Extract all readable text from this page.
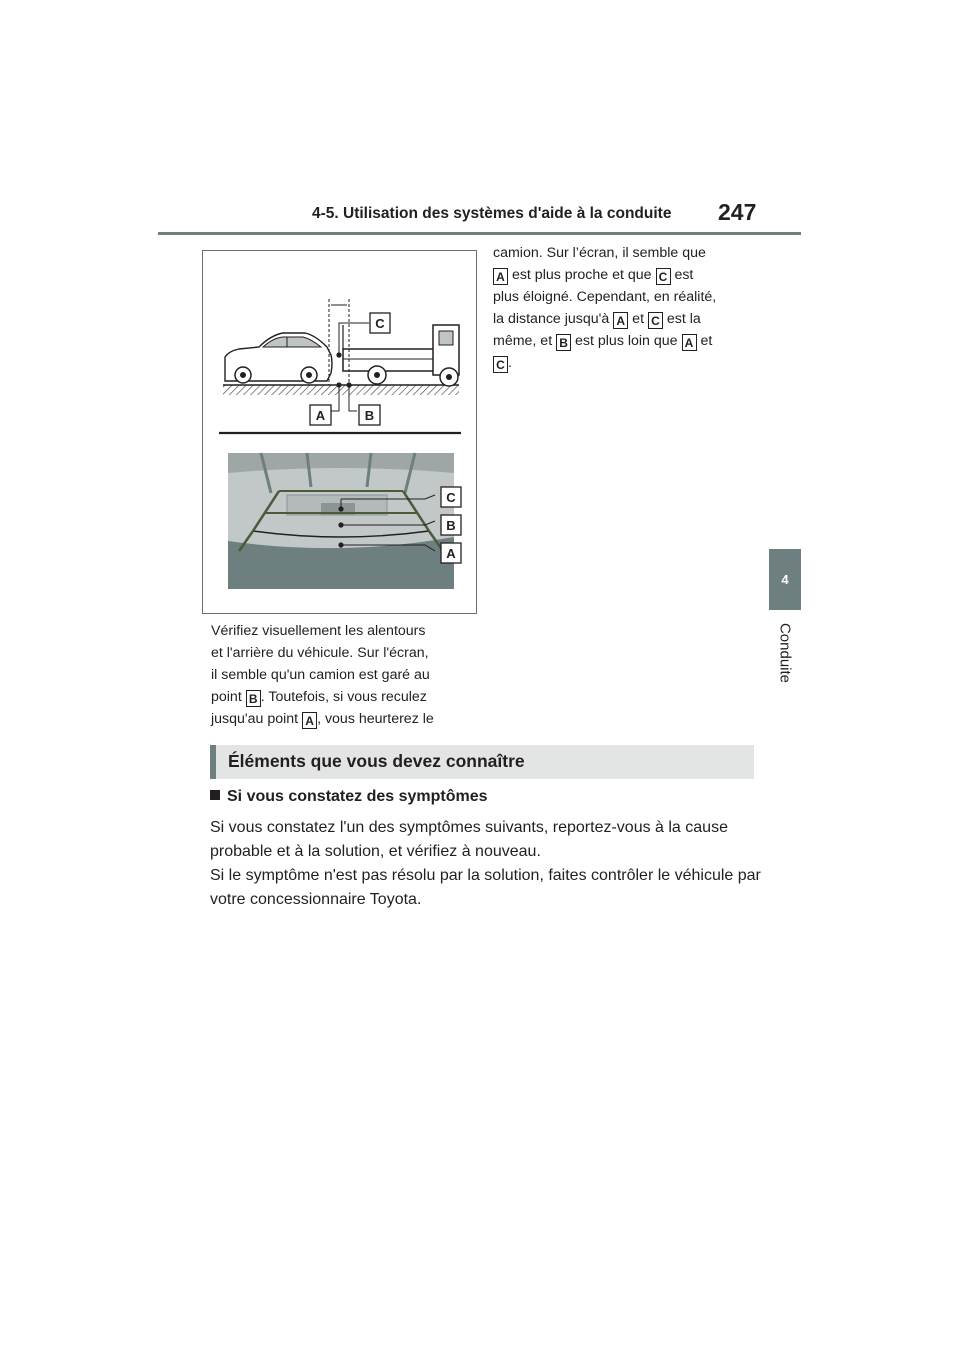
4-5. Utilisation des systèmes d'aide à la conduite 247
4
Conduite
C
A	B
C
B
A
camion. Sur l’écran, il semble que
A est plus proche et que C est
plus éloigné. Cependant, en réalité,
la distance jusqu'à A et C est la
même, et B est plus loin que A et
C .
Vérifiez visuellement les alentours
et l'arrière du véhicule. Sur l'écran,
il semble qu'un camion est garé au
point B . Toutefois, si vous reculez
jusqu'au point A , vous heurterez le
Éléments que vous devez connaître
Si vous constatez des symptômes
Si vous constatez l'un des symptômes suivants, reportez-vous à la cause probable et à la solution, et vérifiez à nouveau.
Si le symptôme n'est pas résolu par la solution, faites contrôler le véhicule par votre concessionnaire Toyota.
